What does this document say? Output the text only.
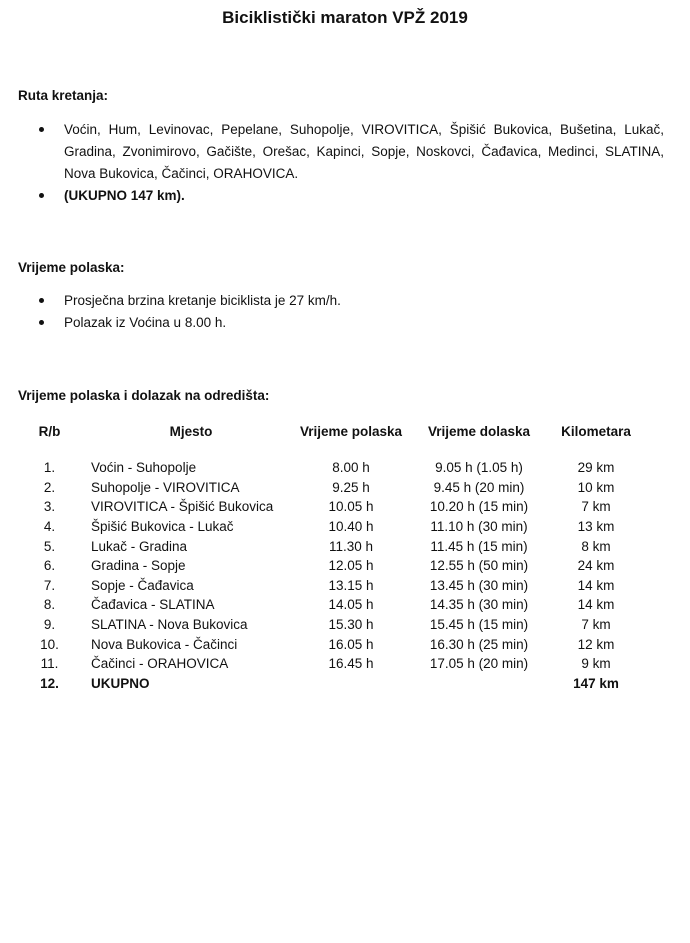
Biciklistički maraton VPŽ 2019
Ruta kretanja:
Voćin, Hum, Levinovac, Pepelane, Suhopolje, VIROVITICA, Špišić Bukovica, Bušetina, Lukač, Gradina, Zvonimirovo, Gačište, Orešac, Kapinci, Sopje, Noskovci, Čađavica, Medinci, SLATINA, Nova Bukovica, Čačinci, ORAHOVICA.
(UKUPNO 147 km).
Vrijeme polaska:
Prosječna brzina kretanje biciklista je 27 km/h.
Polazak iz Voćina u 8.00 h.
Vrijeme polaska i dolazak na odredišta:
R/b	Mjesto	Vrijeme polaska	Vrijeme dolaska	Kilometara

1.	Voćin - Suhopolje	8.00 h	9.05 h (1.05 h)	29 km
2.	Suhopolje - VIROVITICA	9.25 h	9.45 h (20 min)	10 km
3.	VIROVITICA - Špišić Bukovica	10.05 h	10.20 h (15 min)	7 km
4.	Špišić Bukovica - Lukač	10.40 h	11.10 h (30 min)	13 km
5.	Lukač - Gradina	11.30 h	11.45 h (15 min)	8 km
6.	Gradina - Sopje	12.05 h	12.55 h (50 min)	24 km
7.	Sopje - Čađavica	13.15 h	13.45 h (30 min)	14 km
8.	Čađavica - SLATINA	14.05 h	14.35 h (30 min)	14 km
9.	SLATINA - Nova Bukovica	15.30 h	15.45 h (15 min)	7 km
10.	Nova Bukovica - Čačinci	16.05 h	16.30 h (25 min)	12 km
11.	Čačinci - ORAHOVICA	16.45 h	17.05 h (20 min)	9 km
12.	UKUPNO			147 km
